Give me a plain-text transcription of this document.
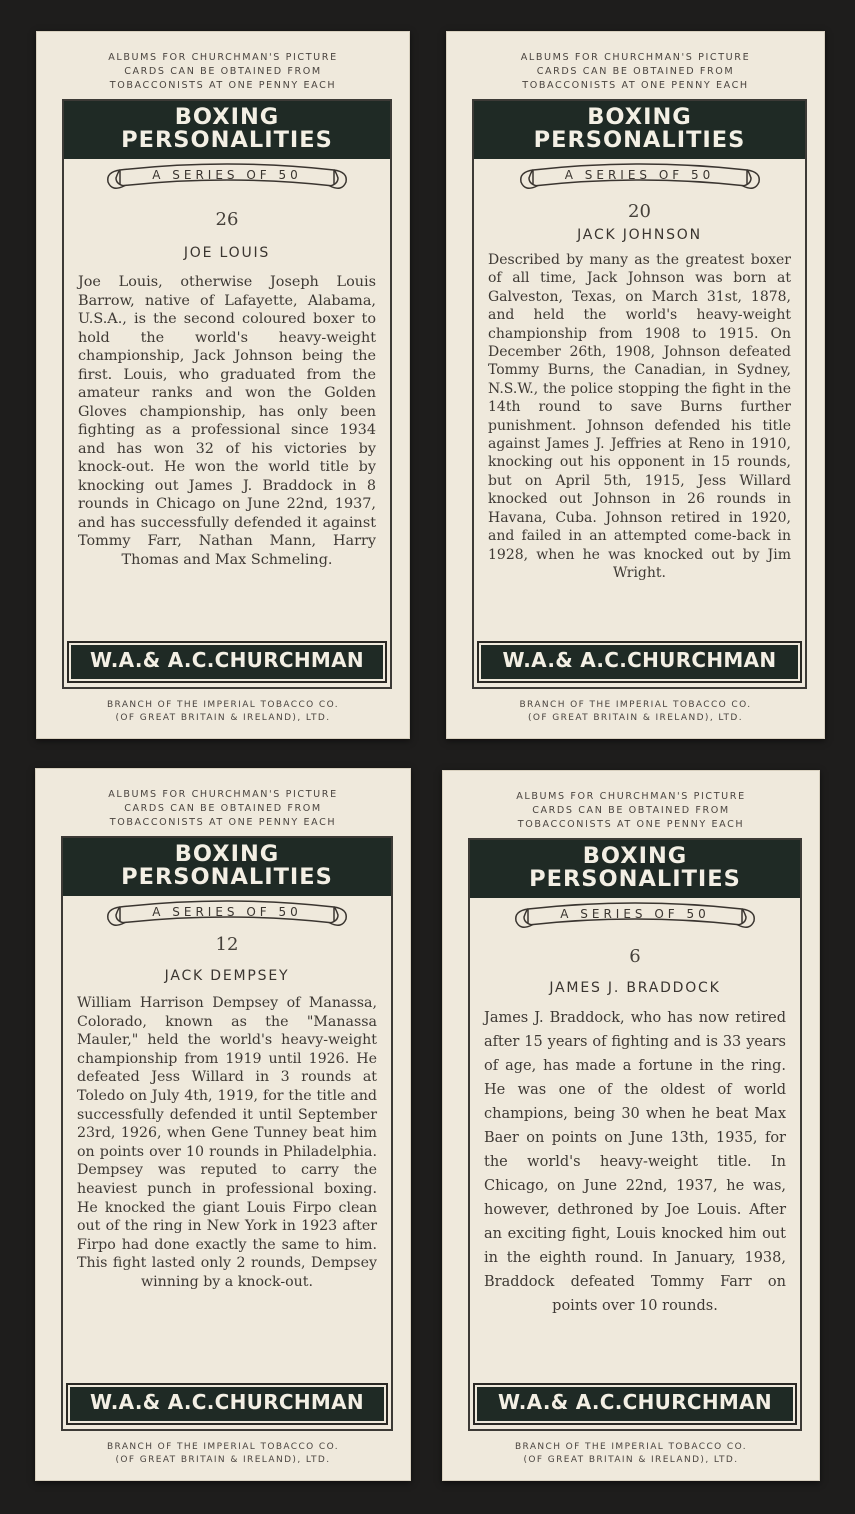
ALBUMS FOR CHURCHMAN'S PICTURE
CARDS CAN BE OBTAINED FROM
TOBACCONISTS AT ONE PENNY EACH
BOXING
PERSONALITIES
A SERIES OF 50
26
JOE LOUIS
Joe Louis, otherwise Joseph Louis Barrow, native of Lafayette, Alabama, U.S.A., is the second coloured boxer to hold the world's heavy-weight championship, Jack Johnson being the first. Louis, who graduated from the amateur ranks and won the Golden Gloves championship, has only been fighting as a professional since 1934 and has won 32 of his victories by knock-out. He won the world title by knocking out James J. Braddock in 8 rounds in Chicago on June 22nd, 1937, and has successfully defended it against Tommy Farr, Nathan Mann, Harry Thomas and Max Schmeling.
W.A.& A.C.CHURCHMAN
BRANCH OF THE IMPERIAL TOBACCO CO.
(OF GREAT BRITAIN & IRELAND), LTD.
ALBUMS FOR CHURCHMAN'S PICTURE
CARDS CAN BE OBTAINED FROM
TOBACCONISTS AT ONE PENNY EACH
BOXING
PERSONALITIES
A SERIES OF 50
20
JACK JOHNSON
Described by many as the greatest boxer of all time, Jack Johnson was born at Galveston, Texas, on March 31st, 1878, and held the world's heavy-weight championship from 1908 to 1915. On December 26th, 1908, Johnson defeated Tommy Burns, the Canadian, in Sydney, N.S.W., the police stopping the fight in the 14th round to save Burns further punishment. Johnson defended his title against James J. Jeffries at Reno in 1910, knocking out his opponent in 15 rounds, but on April 5th, 1915, Jess Willard knocked out Johnson in 26 rounds in Havana, Cuba. Johnson retired in 1920, and failed in an attempted come-back in 1928, when he was knocked out by Jim Wright.
W.A.& A.C.CHURCHMAN
BRANCH OF THE IMPERIAL TOBACCO CO.
(OF GREAT BRITAIN & IRELAND), LTD.
ALBUMS FOR CHURCHMAN'S PICTURE
CARDS CAN BE OBTAINED FROM
TOBACCONISTS AT ONE PENNY EACH
BOXING
PERSONALITIES
A SERIES OF 50
12
JACK DEMPSEY
William Harrison Dempsey of Manassa, Colorado, known as the "Manassa Mauler," held the world's heavy-weight championship from 1919 until 1926. He defeated Jess Willard in 3 rounds at Toledo on July 4th, 1919, for the title and successfully defended it until September 23rd, 1926, when Gene Tunney beat him on points over 10 rounds in Philadelphia. Dempsey was reputed to carry the heaviest punch in professional boxing. He knocked the giant Louis Firpo clean out of the ring in New York in 1923 after Firpo had done exactly the same to him. This fight lasted only 2 rounds, Dempsey winning by a knock-out.
W.A.& A.C.CHURCHMAN
BRANCH OF THE IMPERIAL TOBACCO CO.
(OF GREAT BRITAIN & IRELAND), LTD.
ALBUMS FOR CHURCHMAN'S PICTURE
CARDS CAN BE OBTAINED FROM
TOBACCONISTS AT ONE PENNY EACH
BOXING
PERSONALITIES
A SERIES OF 50
6
JAMES J. BRADDOCK
James J. Braddock, who has now retired after 15 years of fighting and is 33 years of age, has made a fortune in the ring. He was one of the oldest of world champions, being 30 when he beat Max Baer on points on June 13th, 1935, for the world's heavy-weight title. In Chicago, on June 22nd, 1937, he was, however, dethroned by Joe Louis. After an exciting fight, Louis knocked him out in the eighth round. In January, 1938, Braddock defeated Tommy Farr on points over 10 rounds.
W.A.& A.C.CHURCHMAN
BRANCH OF THE IMPERIAL TOBACCO CO.
(OF GREAT BRITAIN & IRELAND), LTD.
